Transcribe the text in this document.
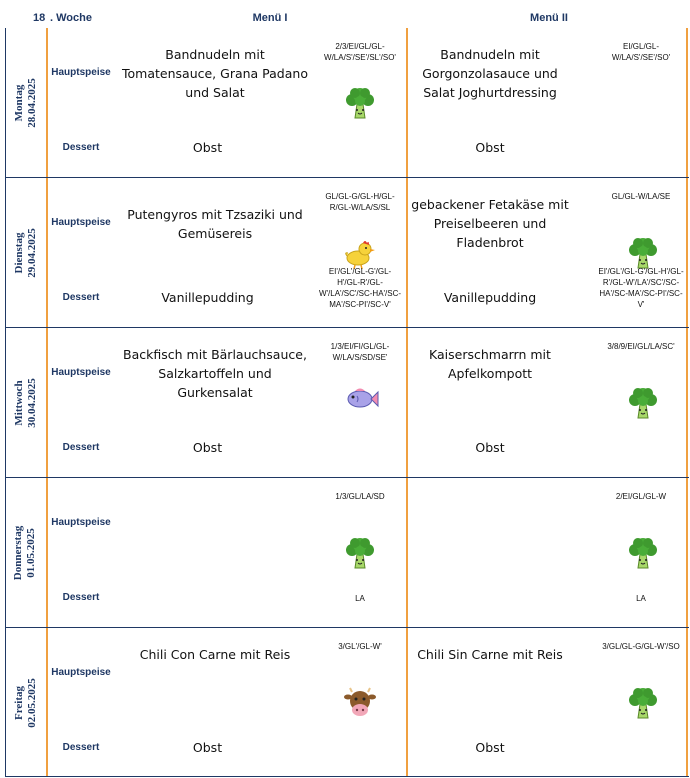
18 . Woche	Menü I	Menü II
Montag 28.04.2025
Hauptspeise
Dessert
Bandnudeln mit Tomatensauce, Grana Padano und Salat
2/3/EI/GL/GL-W/LA/S'/SE'/SL'/SO'
Obst
Bandnudeln mit Gorgonzolasauce und Salat Joghurtdressing
EI/GL/GL-W/LA/S'/SE'/SO'
Obst
Dienstag 29.04.2025
Hauptspeise
Dessert
Putengyros mit Tzsaziki und Gemüsereis
GL/GL-G/GL-H/GL-R/GL-W/LA/S/SL
EI'/GL'/GL-G'/GL-H'/GL-R'/GL-W'/LA'/SC'/SC-HA'/SC-MA'/SC-PI'/SC-V'
Vanillepudding
gebackener Fetakäse mit Preiselbeeren und Fladenbrot
GL/GL-W/LA/SE
EI'/GL'/GL-G'/GL-H'/GL-R'/GL-W'/LA'/SC'/SC-HA'/SC-MA'/SC-PI'/SC-V'
Vanillepudding
Mittwoch 30.04.2025
Hauptspeise
Dessert
Backfisch mit Bärlauchsauce, Salzkartoffeln und Gurkensalat
1/3/EI/FI/GL/GL-W/LA/S/SD/SE'
Obst
Kaiserschmarrn mit Apfelkompott
3/8/9/EI/GL/LA/SC'
Obst
Donnerstag 01.05.2025
Hauptspeise
Dessert
1/3/GL/LA/SD
LA
2/EI/GL/GL-W
LA
Freitag 02.05.2025
Hauptspeise
Dessert
Chili Con Carne mit Reis
3/GL'/GL-W'
Obst
Chili Sin Carne mit Reis
3/GL/GL-G/GL-W'/SO
Obst
